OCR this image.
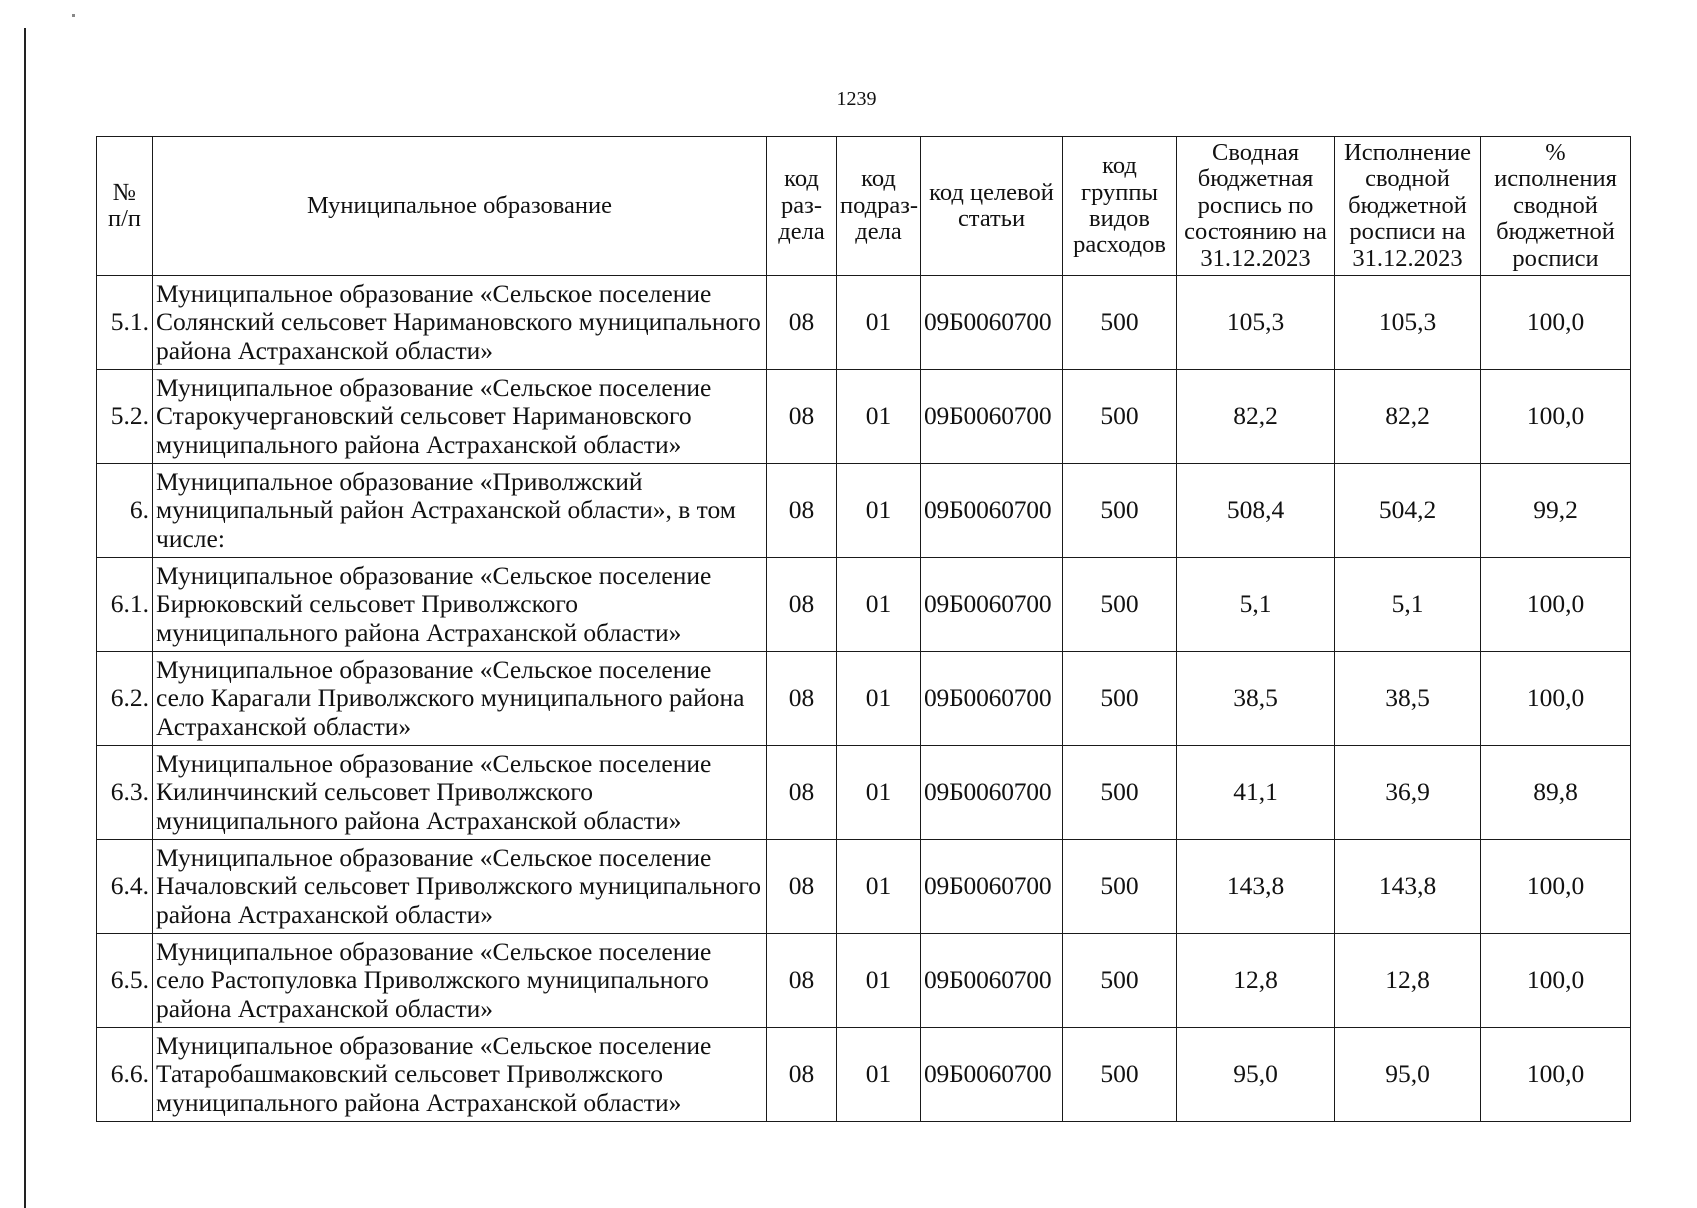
1239
№ п/п	Муниципальное образование	код раз-дела	код подраз-дела	код целевой статьи	код группы видов расходов	Сводная бюджетная роспись по состоянию на 31.12.2023	Исполнение сводной бюджетной росписи на 31.12.2023	% исполнения сводной бюджетной росписи
5.1.	Муниципальное образование «Сельское поселение Солянский сельсовет Наримановского муниципального района Астраханской области»	08	01	09Б0060700	500	105,3	105,3	100,0
5.2.	Муниципальное образование «Сельское поселение Старокучергановский сельсовет Наримановского муниципального района Астраханской области»	08	01	09Б0060700	500	82,2	82,2	100,0
6.	Муниципальное образование «Приволжский муниципальный район Астраханской области», в том числе:	08	01	09Б0060700	500	508,4	504,2	99,2
6.1.	Муниципальное образование «Сельское поселение Бирюковский сельсовет Приволжского муниципального района Астраханской области»	08	01	09Б0060700	500	5,1	5,1	100,0
6.2.	Муниципальное образование «Сельское поселение село Карагали Приволжского муниципального района Астраханской области»	08	01	09Б0060700	500	38,5	38,5	100,0
6.3.	Муниципальное образование «Сельское поселение Килинчинский сельсовет Приволжского муниципального района Астраханской области»	08	01	09Б0060700	500	41,1	36,9	89,8
6.4.	Муниципальное образование «Сельское поселение Началовский сельсовет Приволжского муниципального района Астраханской области»	08	01	09Б0060700	500	143,8	143,8	100,0
6.5.	Муниципальное образование «Сельское поселение село Растопуловка Приволжского муниципального района Астраханской области»	08	01	09Б0060700	500	12,8	12,8	100,0
6.6.	Муниципальное образование «Сельское поселение Татаробашмаковский сельсовет Приволжского муниципального района Астраханской области»	08	01	09Б0060700	500	95,0	95,0	100,0
